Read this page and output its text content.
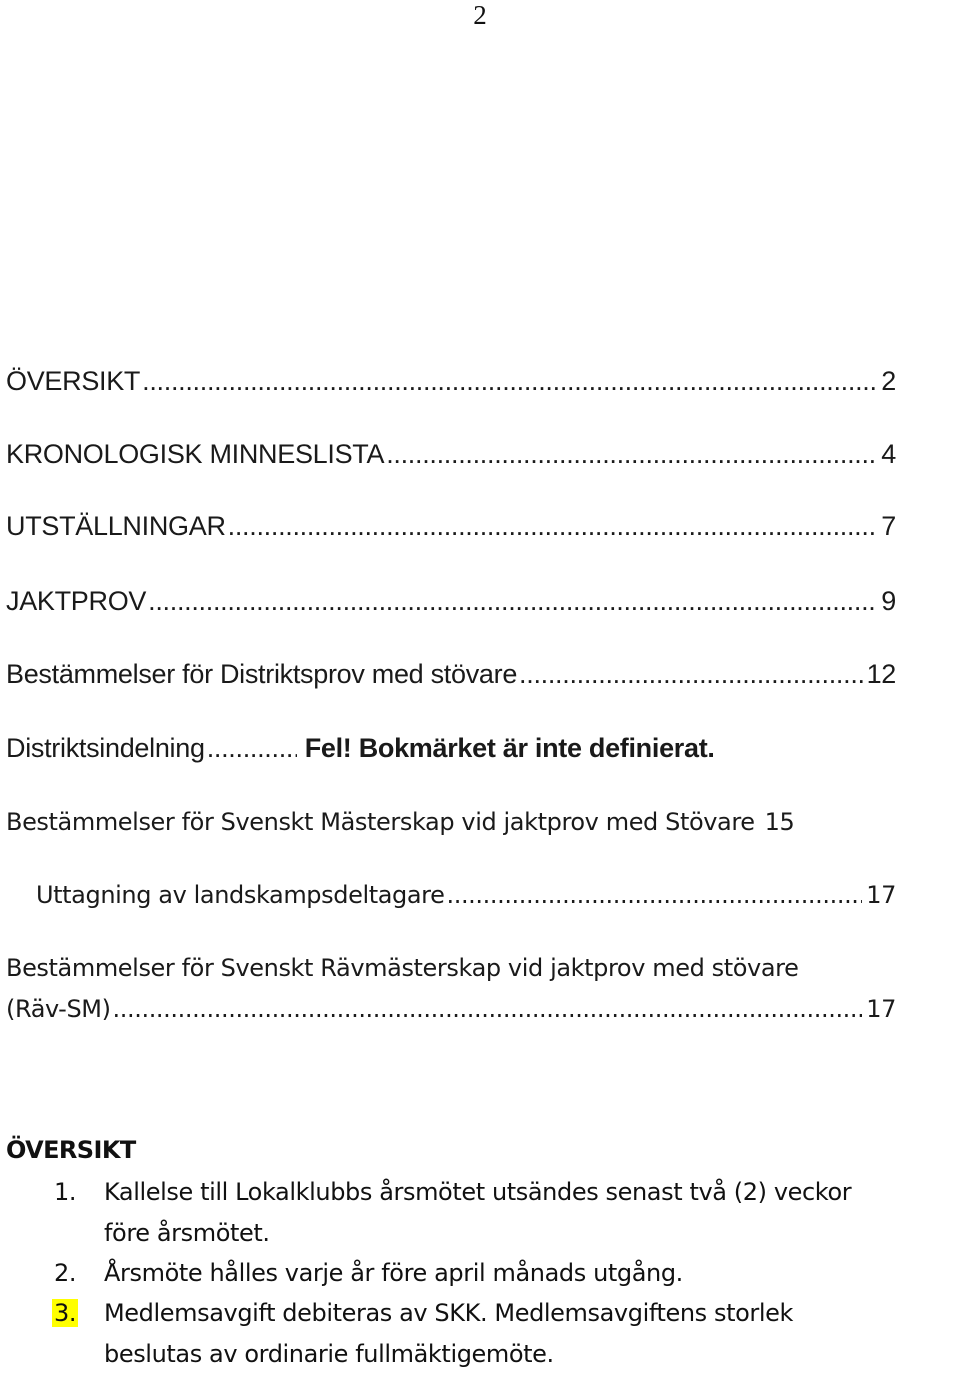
2
ÖVERSIKT .....	2
KRONOLOGISK MINNESLISTA .....	4
UTSTÄLLNINGAR .....	7
JAKTPROV .....	9
Bestämmelser för Distriktsprov med stövare .....	12
Distriktsindelning .....	Fel! Bokmärket är inte definierat.
Bestämmelser för Svenskt Mästerskap vid jaktprov med Stövare 15
Uttagning av landskampsdeltagare .....	17
Bestämmelser för Svenskt Rävmästerskap vid jaktprov med stövare
(Räv-SM) .....	17
ÖVERSIKT
1. Kallelse till Lokalklubbs årsmötet utsändes senast två (2) veckor
före årsmötet.
2. Årsmöte hålles varje år före april månads utgång.
3. Medlemsavgift debiteras av SKK. Medlemsavgiftens storlek
beslutas av ordinarie fullmäktigemöte.
